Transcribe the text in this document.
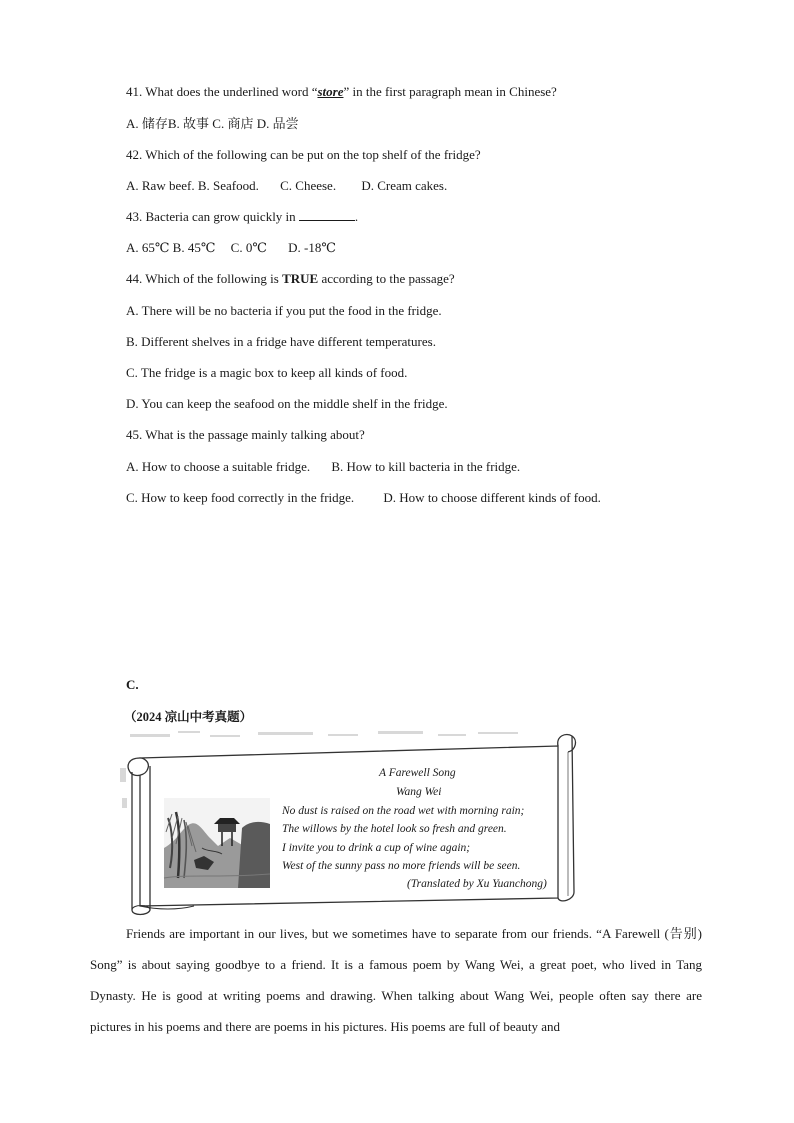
41. What does the underlined word “store” in the first paragraph mean in Chinese?
A. 储存B. 故事 C. 商店 D. 品尝
42. Which of the following can be put on the top shelf of the fridge?
A. Raw beef. B. Seafood. C. Cheese. D. Cream cakes.
43. Bacteria can grow quickly in	.
A. 65℃ B. 45℃ C. 0℃ D. -18℃
44. Which of the following is TRUE according to the passage?
A. There will be no bacteria if you put the food in the fridge.
B. Different shelves in a fridge have different temperatures.
C. The fridge is a magic box to keep all kinds of food.
D. You can keep the seafood on the middle shelf in the fridge.
45. What is the passage mainly talking about?
A. How to choose a suitable fridge. B. How to kill bacteria in the fridge.
C. How to keep food correctly in the fridge. D. How to choose different kinds of food.
C.
（2024 凉山中考真题）
A Farewell Song
Wang Wei
No dust is raised on the road wet with morning rain;
The willows by the hotel look so fresh and green.
I invite you to drink a cup of wine again;
West of the sunny pass no more friends will be seen.
(Translated by Xu Yuanchong)

Friends are important in our lives, but we sometimes have to separate from our friends. “A Farewell (告别) Song” is about saying goodbye to a friend. It is a famous poem by Wang Wei, a great poet, who lived in Tang Dynasty. He is good at writing poems and drawing. When talking about Wang Wei, people often say there are pictures in his poems and there are poems in his pictures. His poems are full of beauty and
